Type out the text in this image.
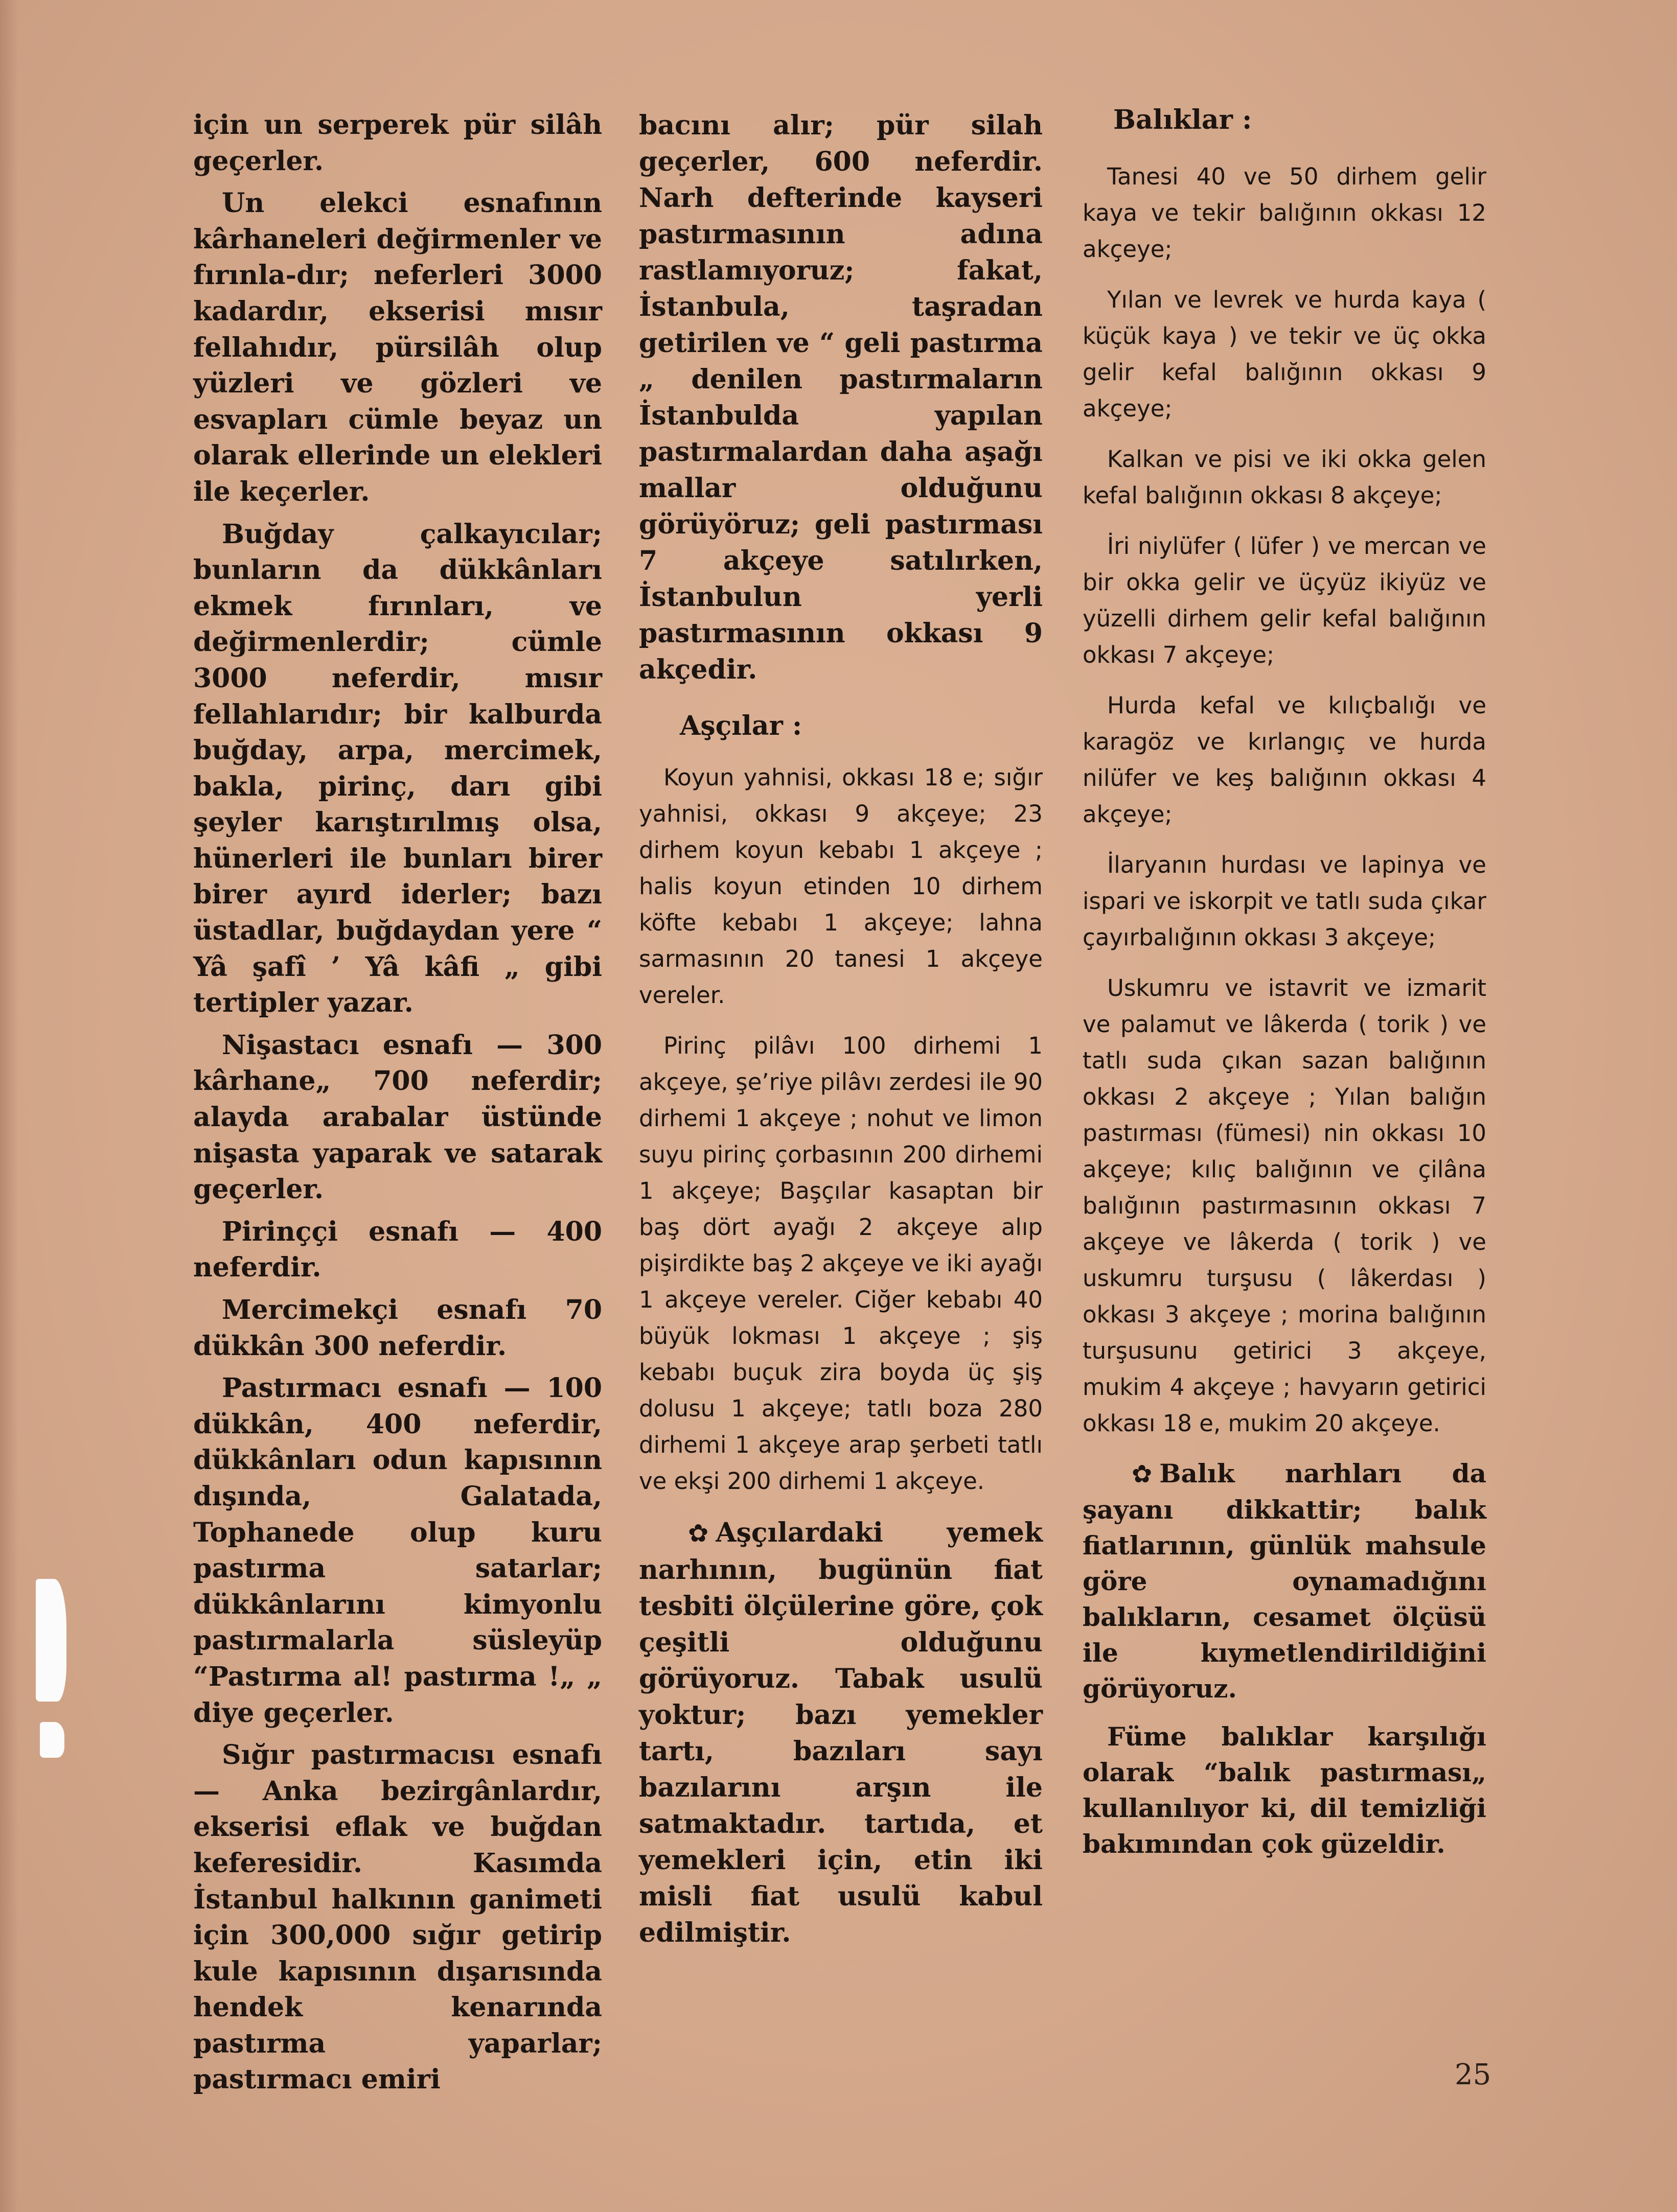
için un serperek pür silâh geçerler.

Un elekci esnafının kârhaneleri değirmenler ve fırınla-dır; neferleri 3000 kadardır, ekserisi mısır fellahıdır, pürsilâh olup yüzleri ve gözleri ve esvapları cümle beyaz un olarak ellerinde un elekleri ile keçerler.

Buğday çalkayıcılar; bunların da dükkânları ekmek fırınları, ve değirmenlerdir; cümle 3000 neferdir, mısır fellahlarıdır; bir kalburda buğday, arpa, mercimek, bakla, pirinç, darı gibi şeyler karıştırılmış olsa, hünerleri ile bunları birer birer ayırd iderler; bazı üstadlar, buğdaydan yere “ Yâ şafî ’ Yâ kâfi „ gibi tertipler yazar.

Nişastacı esnafı — 300 kârhane„ 700 neferdir; alayda arabalar üstünde nişasta yaparak ve satarak geçerler.

Pirinççi esnafı — 400 neferdir.

Mercimekçi esnafı 70 dükkân 300 neferdir.

Pastırmacı esnafı — 100 dükkân, 400 neferdir, dükkânları odun kapısının dışında, Galatada, Tophanede olup kuru pastırma satarlar; dükkânlarını kimyonlu pastırmalarla süsleyüp “Pastırma al! pastırma !„ „ diye geçerler.

Sığır pastırmacısı esnafı — Anka bezirgânlardır, ekserisi eflak ve buğdan keferesidir. Kasımda İstanbul halkının ganimeti için 300,000 sığır getirip kule kapısının dışarısında hendek kenarında pastırma yaparlar; pastırmacı emiri

bacını alır; pür silah geçerler, 600 neferdir. Narh defterinde kayseri pastırmasının adına rastlamıyoruz; fakat, İstanbula, taşradan getirilen ve “ geli pastırma „ denilen pastırmaların İstanbulda yapılan pastırmalardan daha aşağı mallar olduğunu görüyöruz; geli pastırması 7 akçeye satılırken, İstanbulun yerli pastırmasının okkası 9 akçedir.

Aşçılar :

Koyun yahnisi, okkası 18 e; sığır yahnisi, okkası 9 akçeye; 23 dirhem koyun kebabı 1 akçeye ; halis koyun etinden 10 dirhem köfte kebabı 1 akçeye; lahna sarmasının 20 tanesi 1 akçeye vereler.

Pirinç pilâvı 100 dirhemi 1 akçeye, şe’riye pilâvı zerdesi ile 90 dirhemi 1 akçeye ; nohut ve limon suyu pirinç çorbasının 200 dirhemi 1 akçeye; Başçılar kasaptan bir baş dört ayağı 2 akçeye alıp pişirdikte baş 2 akçeye ve iki ayağı 1 akçeye vereler. Ciğer kebabı 40 büyük lokması 1 akçeye ; şiş kebabı buçuk zira boyda üç şiş dolusu 1 akçeye; tatlı boza 280 dirhemi 1 akçeye arap şerbeti tatlı ve ekşi 200 dirhemi 1 akçeye.

✿ Aşçılardaki yemek narhının, bugünün fiat tesbiti ölçülerine göre, çok çeşitli olduğunu görüyoruz. Tabak usulü yoktur; bazı yemekler tartı, bazıları sayı bazılarını arşın ile satmaktadır. tartıda, et yemekleri için, etin iki misli fiat usulü kabul edilmiştir.

Balıklar :

Tanesi 40 ve 50 dirhem gelir kaya ve tekir balığının okkası 12 akçeye;

Yılan ve levrek ve hurda kaya ( küçük kaya ) ve tekir ve üç okka gelir kefal balığının okkası 9 akçeye;

Kalkan ve pisi ve iki okka gelen kefal balığının okkası 8 akçeye;

İri niylüfer ( lüfer ) ve mercan ve bir okka gelir ve üçyüz ikiyüz ve yüzelli dirhem gelir kefal balığının okkası 7 akçeye;

Hurda kefal ve kılıçbalığı ve karagöz ve kırlangıç ve hurda nilüfer ve keş balığının okkası 4 akçeye;

İlaryanın hurdası ve lapinya ve ispari ve iskorpit ve tatlı suda çıkar çayırbalığının okkası 3 akçeye;

Uskumru ve istavrit ve izmarit ve palamut ve lâkerda ( torik ) ve tatlı suda çıkan sazan balığının okkası 2 akçeye ; Yılan balığın pastırması (fümesi) nin okkası 10 akçeye; kılıç balığının ve çilâna balığının pastırmasının okkası 7 akçeye ve lâkerda ( torik ) ve uskumru turşusu ( lâkerdası ) okkası 3 akçeye ; morina balığının turşusunu getirici 3 akçeye, mukim 4 akçeye ; havyarın getirici okkası 18 e, mukim 20 akçeye.

✿ Balık narhları da şayanı dikkattir; balık fiatlarının, günlük mahsule göre oynamadığını balıkların, cesamet ölçüsü ile kıymetlendirildiğini görüyoruz.

Füme balıklar karşılığı olarak “balık pastırması„ kullanılıyor ki, dil temizliği bakımından çok güzeldir.

25
